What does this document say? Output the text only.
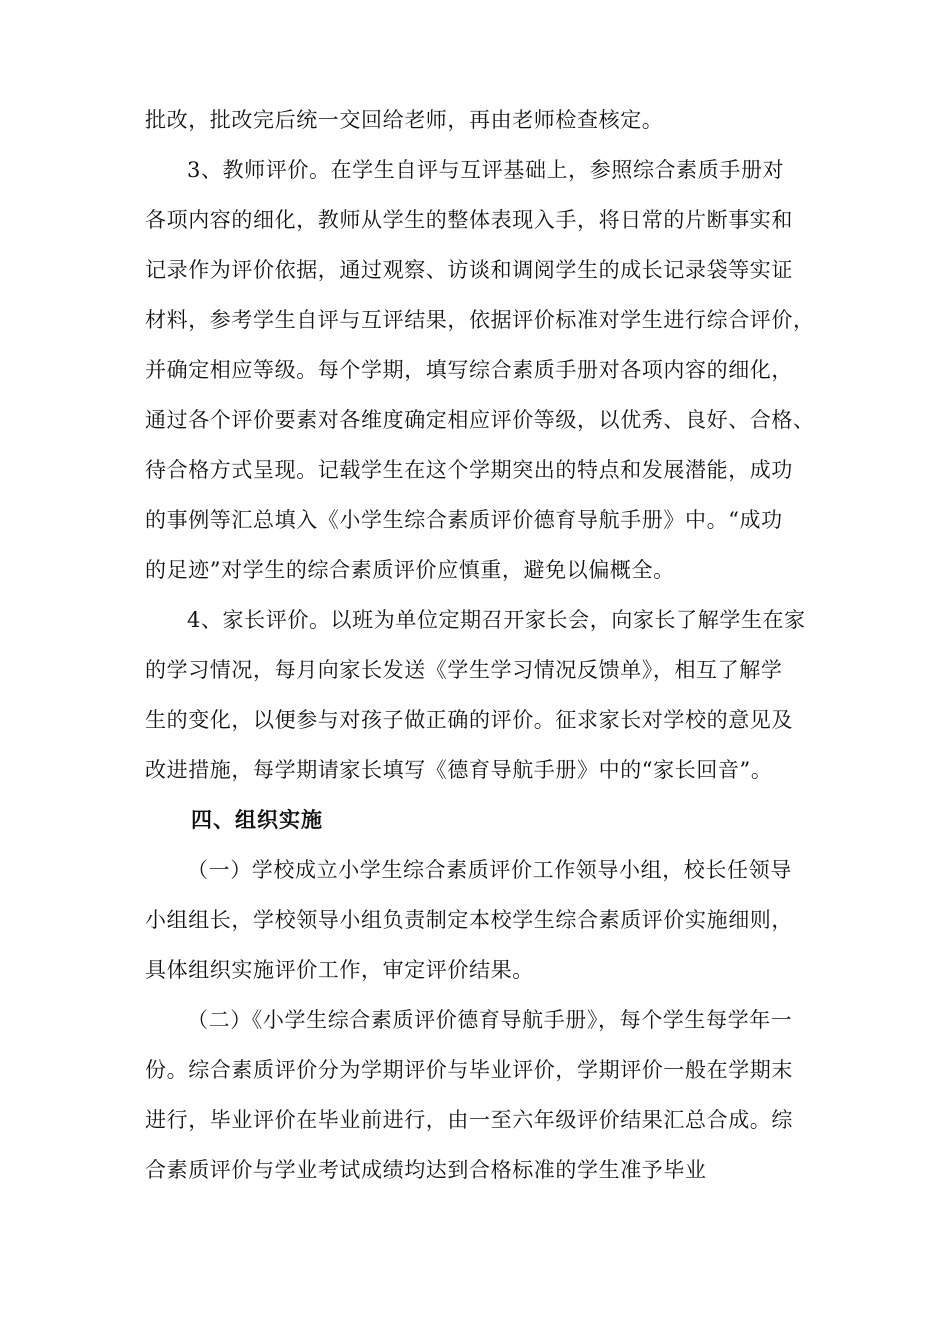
批改，批改完后统一交回给老师，再由老师检查核定。
3、教师评价。在学生自评与互评基础上，参照综合素质手册对
各项内容的细化，教师从学生的整体表现入手，将日常的片断事实和
记录作为评价依据，通过观察、访谈和调阅学生的成长记录袋等实证
材料，参考学生自评与互评结果，依据评价标准对学生进行综合评价，
并确定相应等级。每个学期，填写综合素质手册对各项内容的细化，
通过各个评价要素对各维度确定相应评价等级，以优秀、良好、合格、
待合格方式呈现。记载学生在这个学期突出的特点和发展潜能，成功
的事例等汇总填入《小学生综合素质评价德育导航手册》中。“成功
的足迹”对学生的综合素质评价应慎重，避免以偏概全。
4、家长评价。以班为单位定期召开家长会，向家长了解学生在家
的学习情况，每月向家长发送《学生学习情况反馈单》，相互了解学
生的变化，以便参与对孩子做正确的评价。征求家长对学校的意见及
改进措施，每学期请家长填写《德育导航手册》中的“家长回音”。
四、组织实施
（一）学校成立小学生综合素质评价工作领导小组，校长任领导
小组组长，学校领导小组负责制定本校学生综合素质评价实施细则，
具体组织实施评价工作，审定评价结果。
（二）《小学生综合素质评价德育导航手册》，每个学生每学年一
份。综合素质评价分为学期评价与毕业评价，学期评价一般在学期末
进行，毕业评价在毕业前进行，由一至六年级评价结果汇总合成。综
合素质评价与学业考试成绩均达到合格标准的学生准予毕业
